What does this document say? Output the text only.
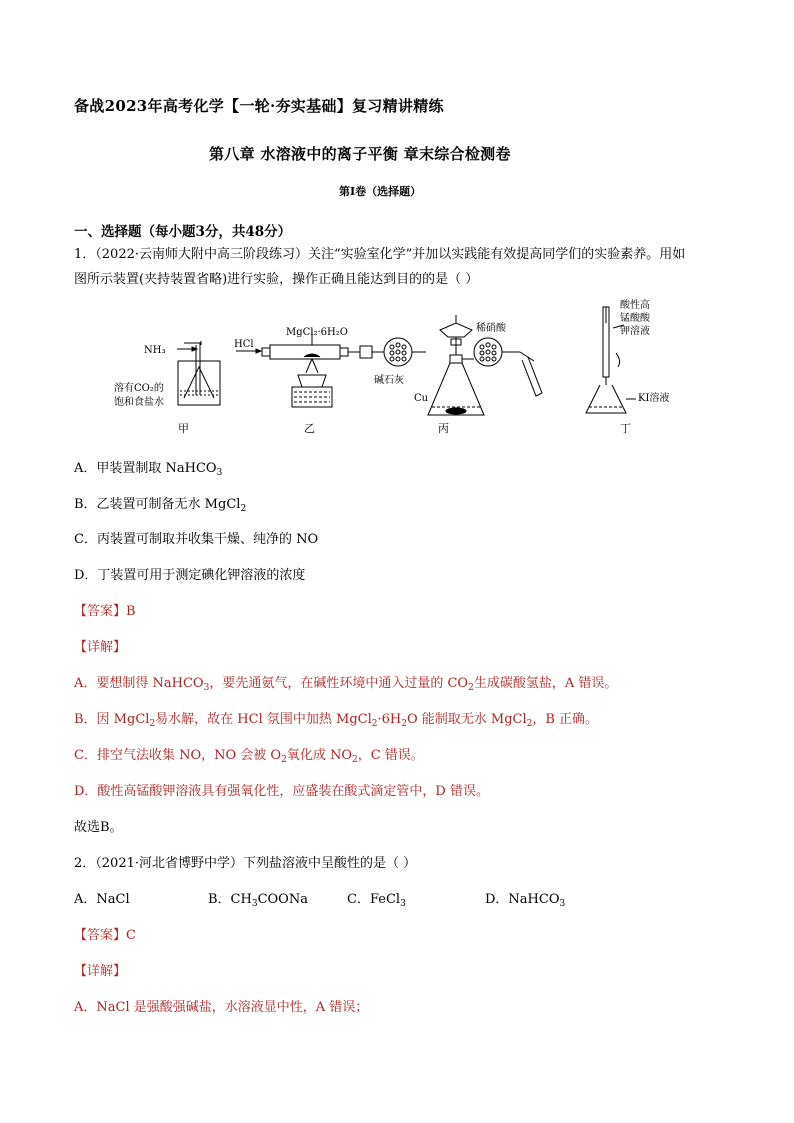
备战2023年高考化学【一轮·夯实基础】复习精讲精练
第八章 水溶液中的离子平衡 章末综合检测卷
第Ⅰ卷（选择题）
一、选择题（每小题3分，共48分）
1．（2022·云南师大附中高三阶段练习）关注“实验室化学”并加以实践能有效提高同学们的实验素养。用如
图所示装置(夹持装置省略)进行实验，操作正确且能达到目的的是（ ）
NH₃
溶有CO₂的
饱和食盐水
甲
HCl
MgCl₂·6H₂O
碱石灰
乙
稀硝酸
Cu
丙
酸性高
锰酸酸
钾溶液
KI溶液
丁
A．甲装置制取 NaHCO$_3$
B．乙装置可制备无水 MgCl$_2$
C．丙装置可制取并收集干燥、纯净的 NO
D．丁装置可用于测定碘化钾溶液的浓度
【答案】B
【详解】
A．要想制得 NaHCO$_3$，要先通氨气，在碱性环境中通入过量的 $CO_2$生成碳酸氢盐，A 错误。
B．因 MgCl$_2$易水解，故在 HCl 氛围中加热 $MgCl_2\cdot 6H_2O$ 能制取无水 MgCl$_2$，B 正确。
C．排空气法收集 NO，NO 会被 $O_2$氧化成 $NO_2$，C 错误。
D．酸性高锰酸钾溶液具有强氧化性，应盛装在酸式滴定管中，D 错误。
故选B。
2．（2021·河北省博野中学）下列盐溶液中呈酸性的是（ ）
A．NaCl	B．$CH_3COONa$	C．FeCl$_3$	D．NaHCO$_3$
【答案】C
【详解】
A．NaCl 是强酸强碱盐，水溶液显中性，A 错误；
